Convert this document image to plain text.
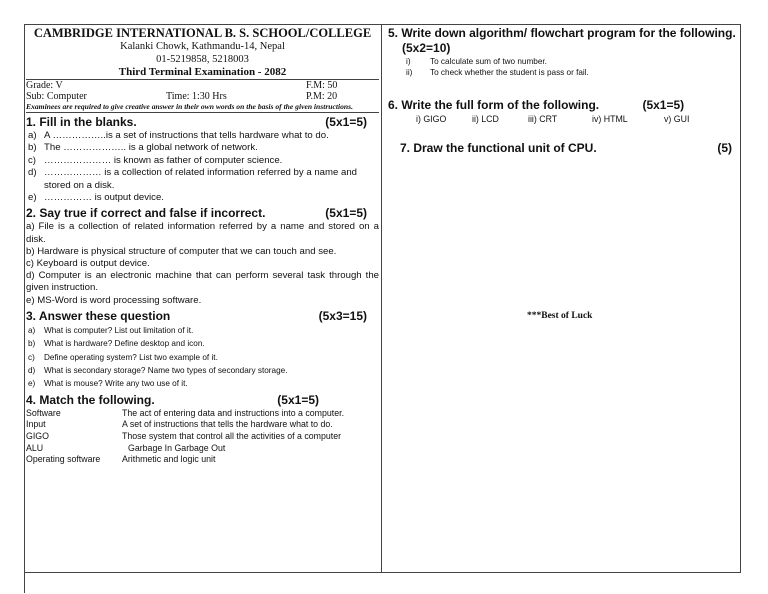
CAMBRIDGE INTERNATIONAL B. S. SCHOOL/COLLEGE
Kalanki Chowk, Kathmandu-14, Nepal
01-5219858, 5218003
Third Terminal Examination - 2082
Grade: V	F.M: 50
Sub: Computer	Time: 1:30 Hrs	P.M: 20
Examinees are required to give creative answer in their own words on the basis of the given instructions.
1. Fill in the blanks.	(5x1=5)
a) A ……………..is a set of instructions that tells hardware what to do.
b) The ……………….. is a global network of network.
c) ………………… is known as father of computer science.
d) ……………… is a collection of related information referred by a name and stored on a disk.
e) …………… is output device.
2. Say true if correct and false if incorrect.	(5x1=5)
a) File is a collection of related information referred by a name and stored on a disk.
b) Hardware is physical structure of computer that we can touch and see.
c) Keyboard is output device.
d) Computer is an electronic machine that can perform several task through the given instruction.
e) MS-Word is word processing software.
3. Answer these question	(5x3=15)
a)	What is computer? List out limitation of it.
b)	What is hardware? Define desktop and icon.
c)	Define operating system? List two example of it.
d)	What is secondary storage? Name two types of secondary storage.
e)	What is mouse? Write any two use of it.
4. Match the following.	(5x1=5)
Software	The act of entering data and instructions into a computer.
Input	A set of instructions that tells the hardware what to do.
GIGO	Those system that control all the activities of a computer
ALU	Garbage In Garbage Out
Operating software	Arithmetic and logic unit
5. Write down algorithm/ flowchart program for the following. (5x2=10)
i)	To calculate sum of two number.
ii)	To check whether the student is pass or fail.
6. Write the full form of the following.	(5x1=5)
i) GIGO	ii) LCD	iii) CRT	iv) HTML	v) GUI
7. Draw the functional unit of CPU.	(5)
***Best of Luck
